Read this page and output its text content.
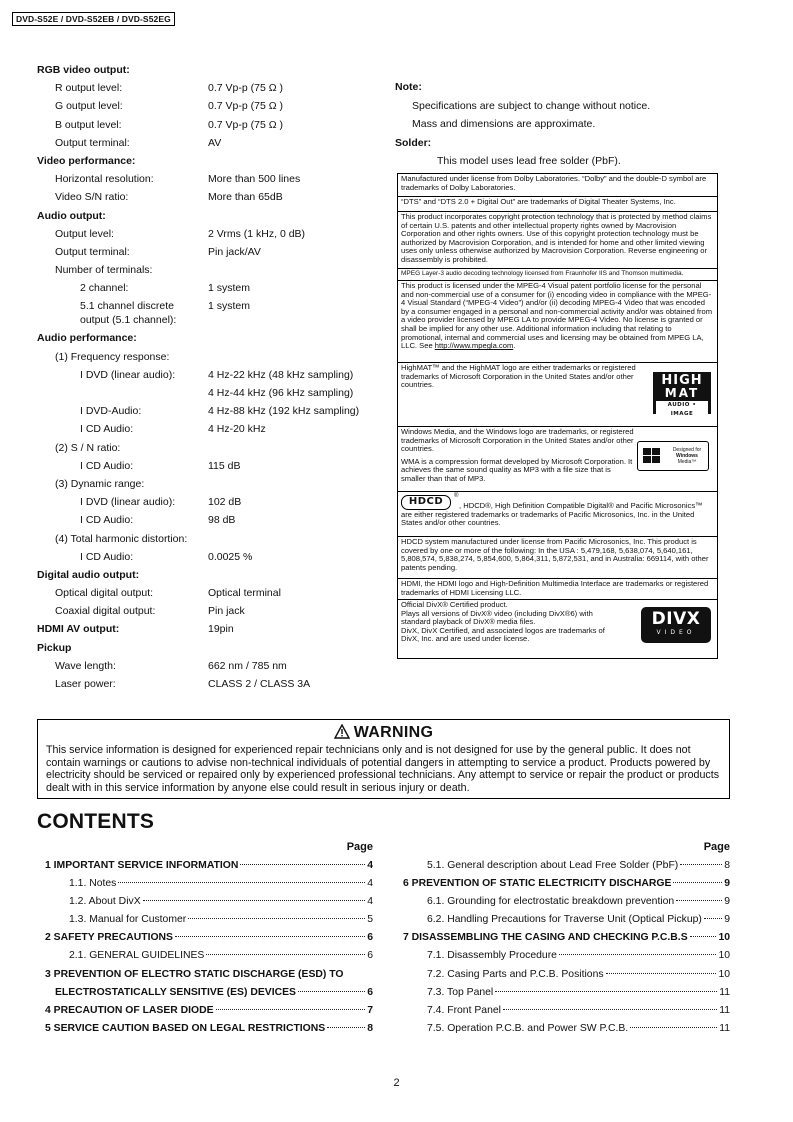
DVD-S52E / DVD-S52EB / DVD-S52EG
RGB video output:
R output level:	0.7 Vp-p (75 Ω )
G output level:	0.7 Vp-p (75 Ω )
B output level:	0.7 Vp-p (75 Ω )
Output terminal:	AV
Video performance:
Horizontal resolution:	More than 500 lines
Video S/N ratio:	More than 65dB
Audio output:
Output level:	2 Vrms (1 kHz, 0 dB)
Output terminal:	Pin jack/AV
Number of terminals:
2 channel:	1 system
5.1 channel discrete
output (5.1 channel):
1 system
Audio performance:
(1) Frequency response:
I DVD (linear audio):	4 Hz-22 kHz (48 kHz sampling)
4 Hz-44 kHz (96 kHz sampling)
I DVD-Audio:	4 Hz-88 kHz (192 kHz sampling)
I CD Audio:	4 Hz-20 kHz
(2) S / N ratio:
I CD Audio:	115 dB
(3) Dynamic range:
I DVD (linear audio):	102 dB
I CD Audio:	98 dB
(4) Total harmonic distortion:
I CD Audio:	0.0025 %
Digital audio output:
Optical digital output:	Optical terminal
Coaxial digital output:	Pin jack
HDMI AV output:	19pin
Pickup
Wave length:	662 nm / 785 nm
Laser power:	CLASS 2 / CLASS 3A
Note:
Specifications are subject to change without notice.
Mass and dimensions are approximate.
Solder:
This model uses lead free solder (PbF).
Manufactured under license from Dolby Laboratories. “Dolby” and the double-D symbol are trademarks of Dolby Laboratories.
“DTS” and “DTS 2.0 + Digital Out” are trademarks of Digital Theater Systems, Inc.
This product incorporates copyright protection technology that is protected by method claims of certain U.S. patents and other intellectual property rights owned by Macrovision Corporation and other rights owners. Use of this copyright protection technology must be authorized by Macrovision Corporation, and is intended for home and other limited viewing uses only unless otherwise authorized by Macrovision Corporation. Reverse engineering or disassembly is prohibited.
MPEG Layer-3 audio decoding technology licensed from Fraunhofer IIS and Thomson multimedia.
This product is licensed under the MPEG-4 Visual patent portfolio license for the personal and non-commercial use of a consumer for (i) encoding video in compliance with the MPEG-4 Visual Standard (“MPEG-4 Video”) and/or (ii) decoding MPEG-4 Video that was encoded by a consumer engaged in a personal and non-commercial activity and/or was obtained from a video provider licensed by MPEG LA to provide MPEG-4 Video. No license is granted or shall be implied for any other use. Additional information including that relating to promotional, internal and commercial uses and licensing may be obtained from MPEG LA, LLC. See http://www.mpegla.com.
HighMAT™ and the HighMAT logo are either trademarks or registered trademarks of Microsoft Corporation in the United States and/or other countries.	HIGH
MAT
AUDIO • IMAGE
Windows Media, and the Windows logo are trademarks, or registered trademarks of Microsoft Corporation in the United States and/or other countries.
WMA is a compression format developed by Microsoft Corporation. It achieves the same sound quality as MP3 with a file size that is smaller than that of MP3.
Designed for
Windows
Media™
HDCD	®
, HDCD®, High Definition Compatible Digital® and Pacific Microsonics™ are either registered trademarks or trademarks of Pacific Microsonics, Inc. in the United States and/or other countries.
HDCD system manufactured under license from Pacific Microsonics, Inc. This product is covered by one or more of the following: In the USA : 5,479,168, 5,638,074, 5,640,161, 5,808,574, 5,838,274, 5,854,600, 5,864,311, 5,872,531, and in Australia: 669114, with other patents pending.
HDMI, the HDMI logo and High-Definition Multimedia Interface are trademarks or registered trademarks of HDMI Licensing LLC.
Official DivX® Certified product.
Plays all versions of DivX® video (including DivX®6) with standard playback of DivX® media files.
DivX, DivX Certified, and associated logos are trademarks of DivX, Inc. and are used under license.
DIVX
VIDEO
WARNING
This service information is designed for experienced repair technicians only and is not designed for use by the general public. It does not contain warnings or cautions to advise non-technical individuals of potential dangers in attempting to service a product. Products powered by electricity should be serviced or repaired only by experienced professional technicians. Any attempt to service or repair the product or products dealt with in this service information by anyone else could result in serious injury or death.
CONTENTS
Page
1 IMPORTANT SERVICE INFORMATION	4
1.1. Notes	4
1.2. About DivX	4
1.3. Manual for Customer	5
2 SAFETY PRECAUTIONS	6
2.1. GENERAL GUIDELINES	6
3 PREVENTION OF ELECTRO STATIC DISCHARGE (ESD) TO
ELECTROSTATICALLY SENSITIVE (ES) DEVICES	6
4 PRECAUTION OF LASER DIODE	7
5 SERVICE CAUTION BASED ON LEGAL RESTRICTIONS	8
Page
5.1. General description about Lead Free Solder (PbF)	8
6 PREVENTION OF STATIC ELECTRICITY DISCHARGE	9
6.1. Grounding for electrostatic breakdown prevention	9
6.2. Handling Precautions for Traverse Unit (Optical Pickup) 9
7 DISASSEMBLING THE CASING AND CHECKING P.C.B.S	10
7.1. Disassembly Procedure	10
7.2. Casing Parts and P.C.B. Positions	10
7.3. Top Panel	11
7.4. Front Panel	11
7.5. Operation P.C.B. and Power SW P.C.B.	11
2
